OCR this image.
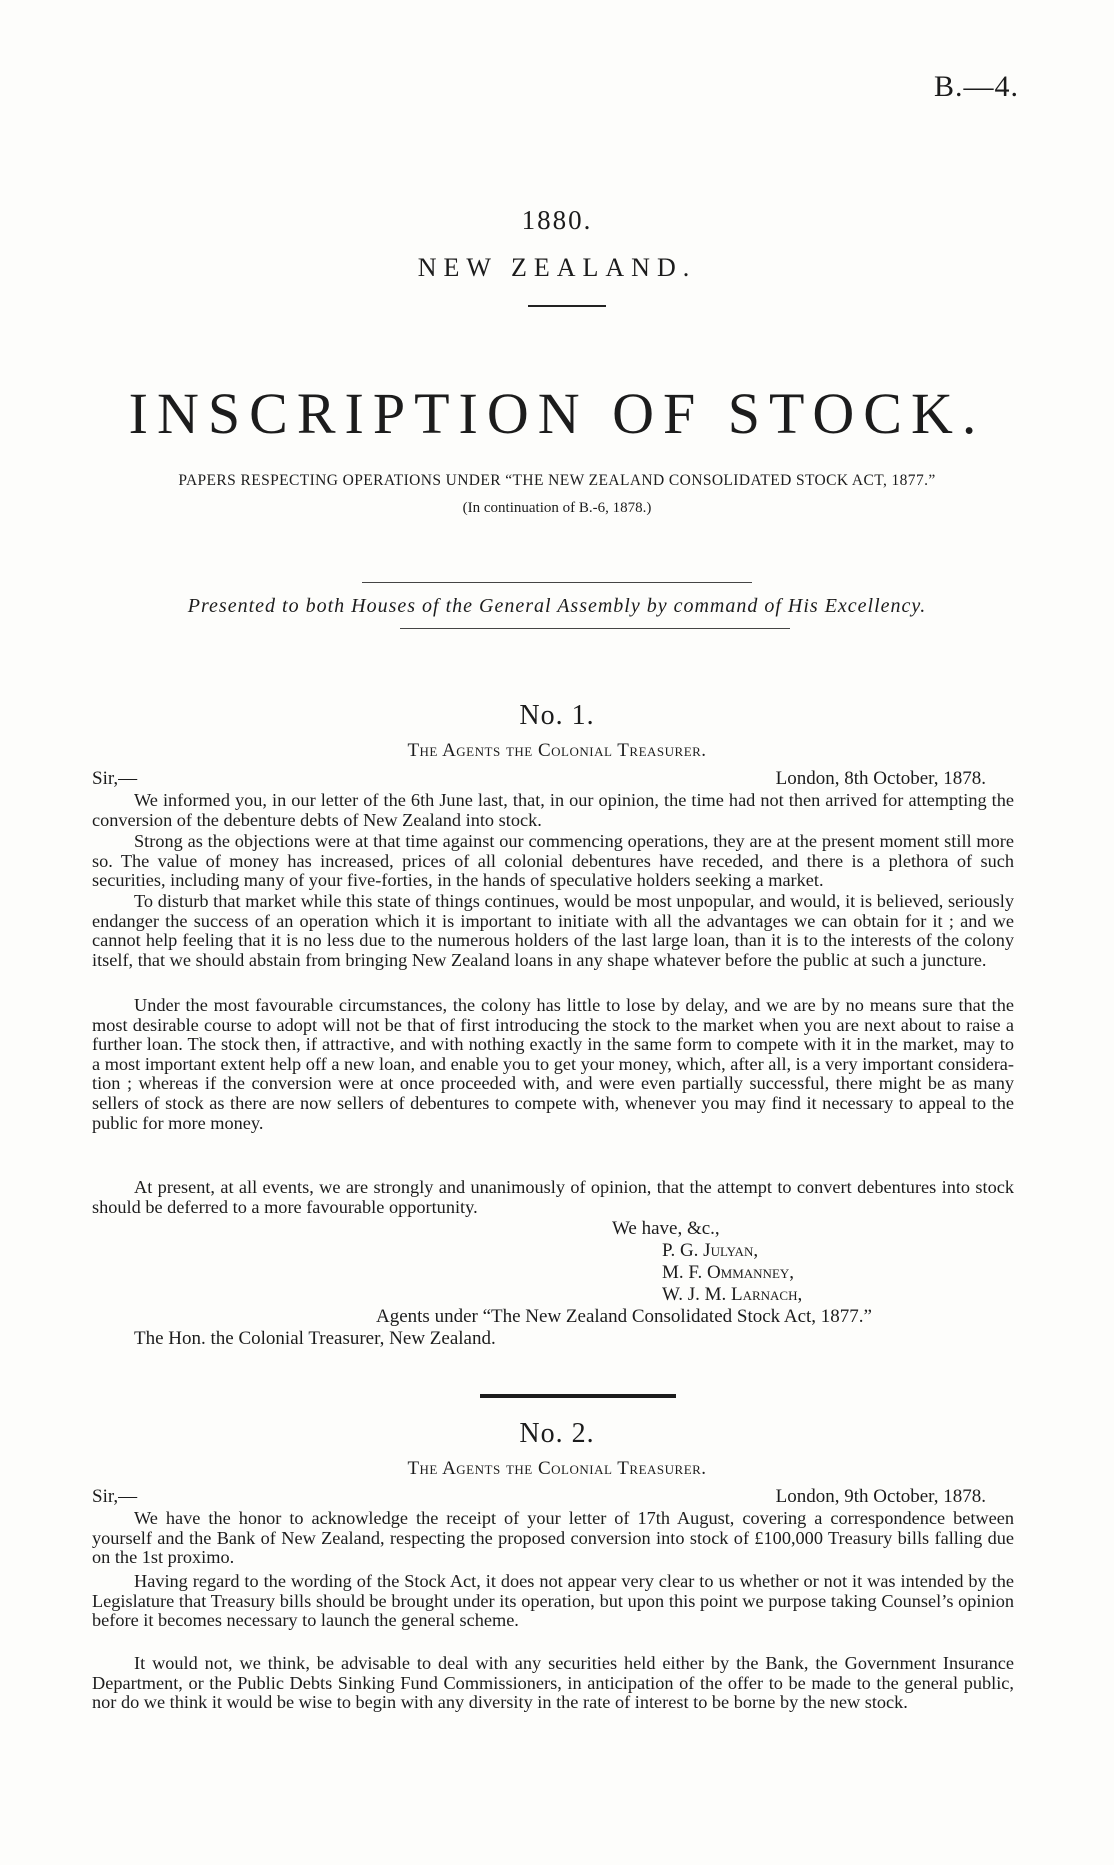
B.—4.
1880.
NEW ZEALAND.
INSCRIPTION OF STOCK.
PAPERS RESPECTING OPERATIONS UNDER “THE NEW ZEALAND CONSOLIDATED STOCK ACT, 1877.”
(In continuation of B.-6, 1878.)
Presented to both Houses of the General Assembly by command of His Excellency.
No. 1.
The Agents the Colonial Treasurer.
Sir,—	London, 8th October, 1878.

We informed you, in our letter of the 6th June last, that, in our opinion, the time had not then arrived for attempting the conversion of the debenture debts of New Zealand into stock.

Strong as the objections were at that time against our commencing operations, they are at the present moment still more so. The value of money has increased, prices of all colonial debentures have receded, and there is a plethora of such securities, including many of your five-forties, in the hands of speculative holders seeking a market.

To disturb that market while this state of things continues, would be most unpopular, and would, it is believed, seriously endanger the success of an operation which it is important to initiate with all the advantages we can obtain for it ; and we cannot help feeling that it is no less due to the numerous holders of the last large loan, than it is to the interests of the colony itself, that we should abstain from bringing New Zealand loans in any shape whatever before the public at such a juncture.

Under the most favourable circumstances, the colony has little to lose by delay, and we are by no means sure that the most desirable course to adopt will not be that of first introducing the stock to the market when you are next about to raise a further loan. The stock then, if attractive, and with nothing exactly in the same form to compete with it in the market, may to a most important extent help off a new loan, and enable you to get your money, which, after all, is a very important considera-tion ; whereas if the conversion were at once proceeded with, and were even partially successful, there might be as many sellers of stock as there are now sellers of debentures to compete with, whenever you may find it necessary to appeal to the public for more money.

At present, at all events, we are strongly and unanimously of opinion, that the attempt to convert debentures into stock should be deferred to a more favourable opportunity.

We have, &c.,
P. G. Julyan,
M. F. Ommanney,
W. J. M. Larnach,
Agents under “The New Zealand Consolidated Stock Act, 1877.”
The Hon. the Colonial Treasurer, New Zealand.
No. 2.
The Agents the Colonial Treasurer.
Sir,—	London, 9th October, 1878.

We have the honor to acknowledge the receipt of your letter of 17th August, covering a correspondence between yourself and the Bank of New Zealand, respecting the proposed conversion into stock of £100,000 Treasury bills falling due on the 1st proximo.

Having regard to the wording of the Stock Act, it does not appear very clear to us whether or not it was intended by the Legislature that Treasury bills should be brought under its operation, but upon this point we purpose taking Counsel’s opinion before it becomes necessary to launch the general scheme.

It would not, we think, be advisable to deal with any securities held either by the Bank, the Government Insurance Department, or the Public Debts Sinking Fund Commissioners, in anticipation of the offer to be made to the general public, nor do we think it would be wise to begin with any diversity in the rate of interest to be borne by the new stock.
